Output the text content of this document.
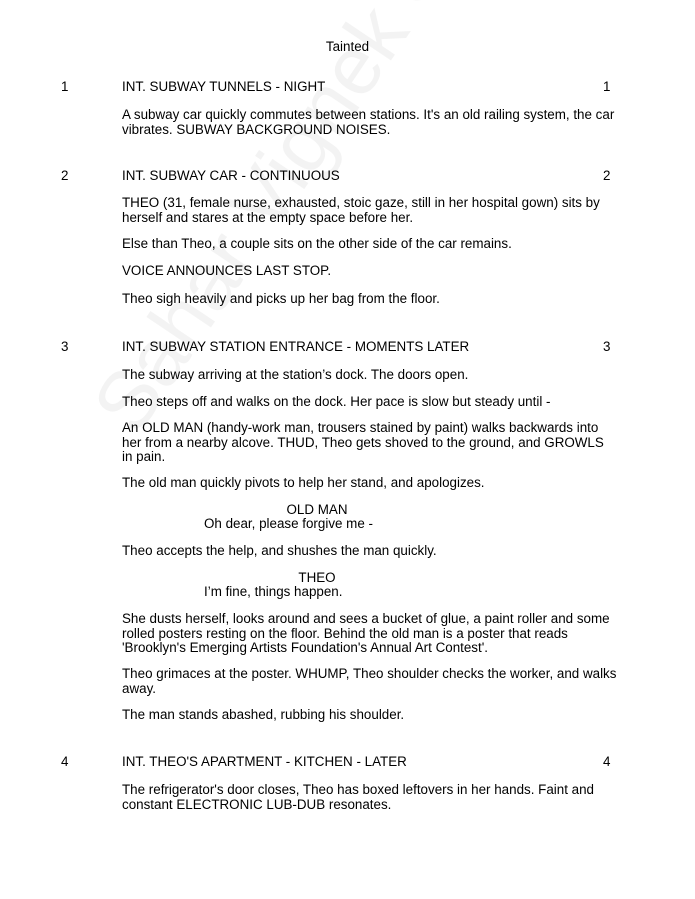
Tainted
1	INT. SUBWAY TUNNELS - NIGHT	1

A subway car quickly commutes between stations. It's an old railing system, the car vibrates. SUBWAY BACKGROUND NOISES.

2	INT. SUBWAY CAR - CONTINUOUS	2

THEO (31, female nurse, exhausted, stoic gaze, still in her hospital gown) sits by herself and stares at the empty space before her.

Else than Theo, a couple sits on the other side of the car remains.

VOICE ANNOUNCES LAST STOP.

Theo sigh heavily and picks up her bag from the floor.

3	INT. SUBWAY STATION ENTRANCE - MOMENTS LATER	3

The subway arriving at the station’s dock. The doors open.

Theo steps off and walks on the dock. Her pace is slow but steady until -

An OLD MAN (handy-work man, trousers stained by paint) walks backwards into her from a nearby alcove. THUD, Theo gets shoved to the ground, and GROWLS in pain.

The old man quickly pivots to help her stand, and apologizes.

OLD MAN
Oh dear, please forgive me -

Theo accepts the help, and shushes the man quickly.

THEO
I’m fine, things happen.

She dusts herself, looks around and sees a bucket of glue, a paint roller and some rolled posters resting on the floor. Behind the old man is a poster that reads 'Brooklyn's Emerging Artists Foundation's Annual Art Contest'.

Theo grimaces at the poster. WHUMP, Theo shoulder checks the worker, and walks away.

The man stands abashed, rubbing his shoulder.

4	INT. THEO'S APARTMENT - KITCHEN - LATER	4

The refrigerator's door closes, Theo has boxed leftovers in her hands. Faint and constant ELECTRONIC LUB-DUB resonates.
